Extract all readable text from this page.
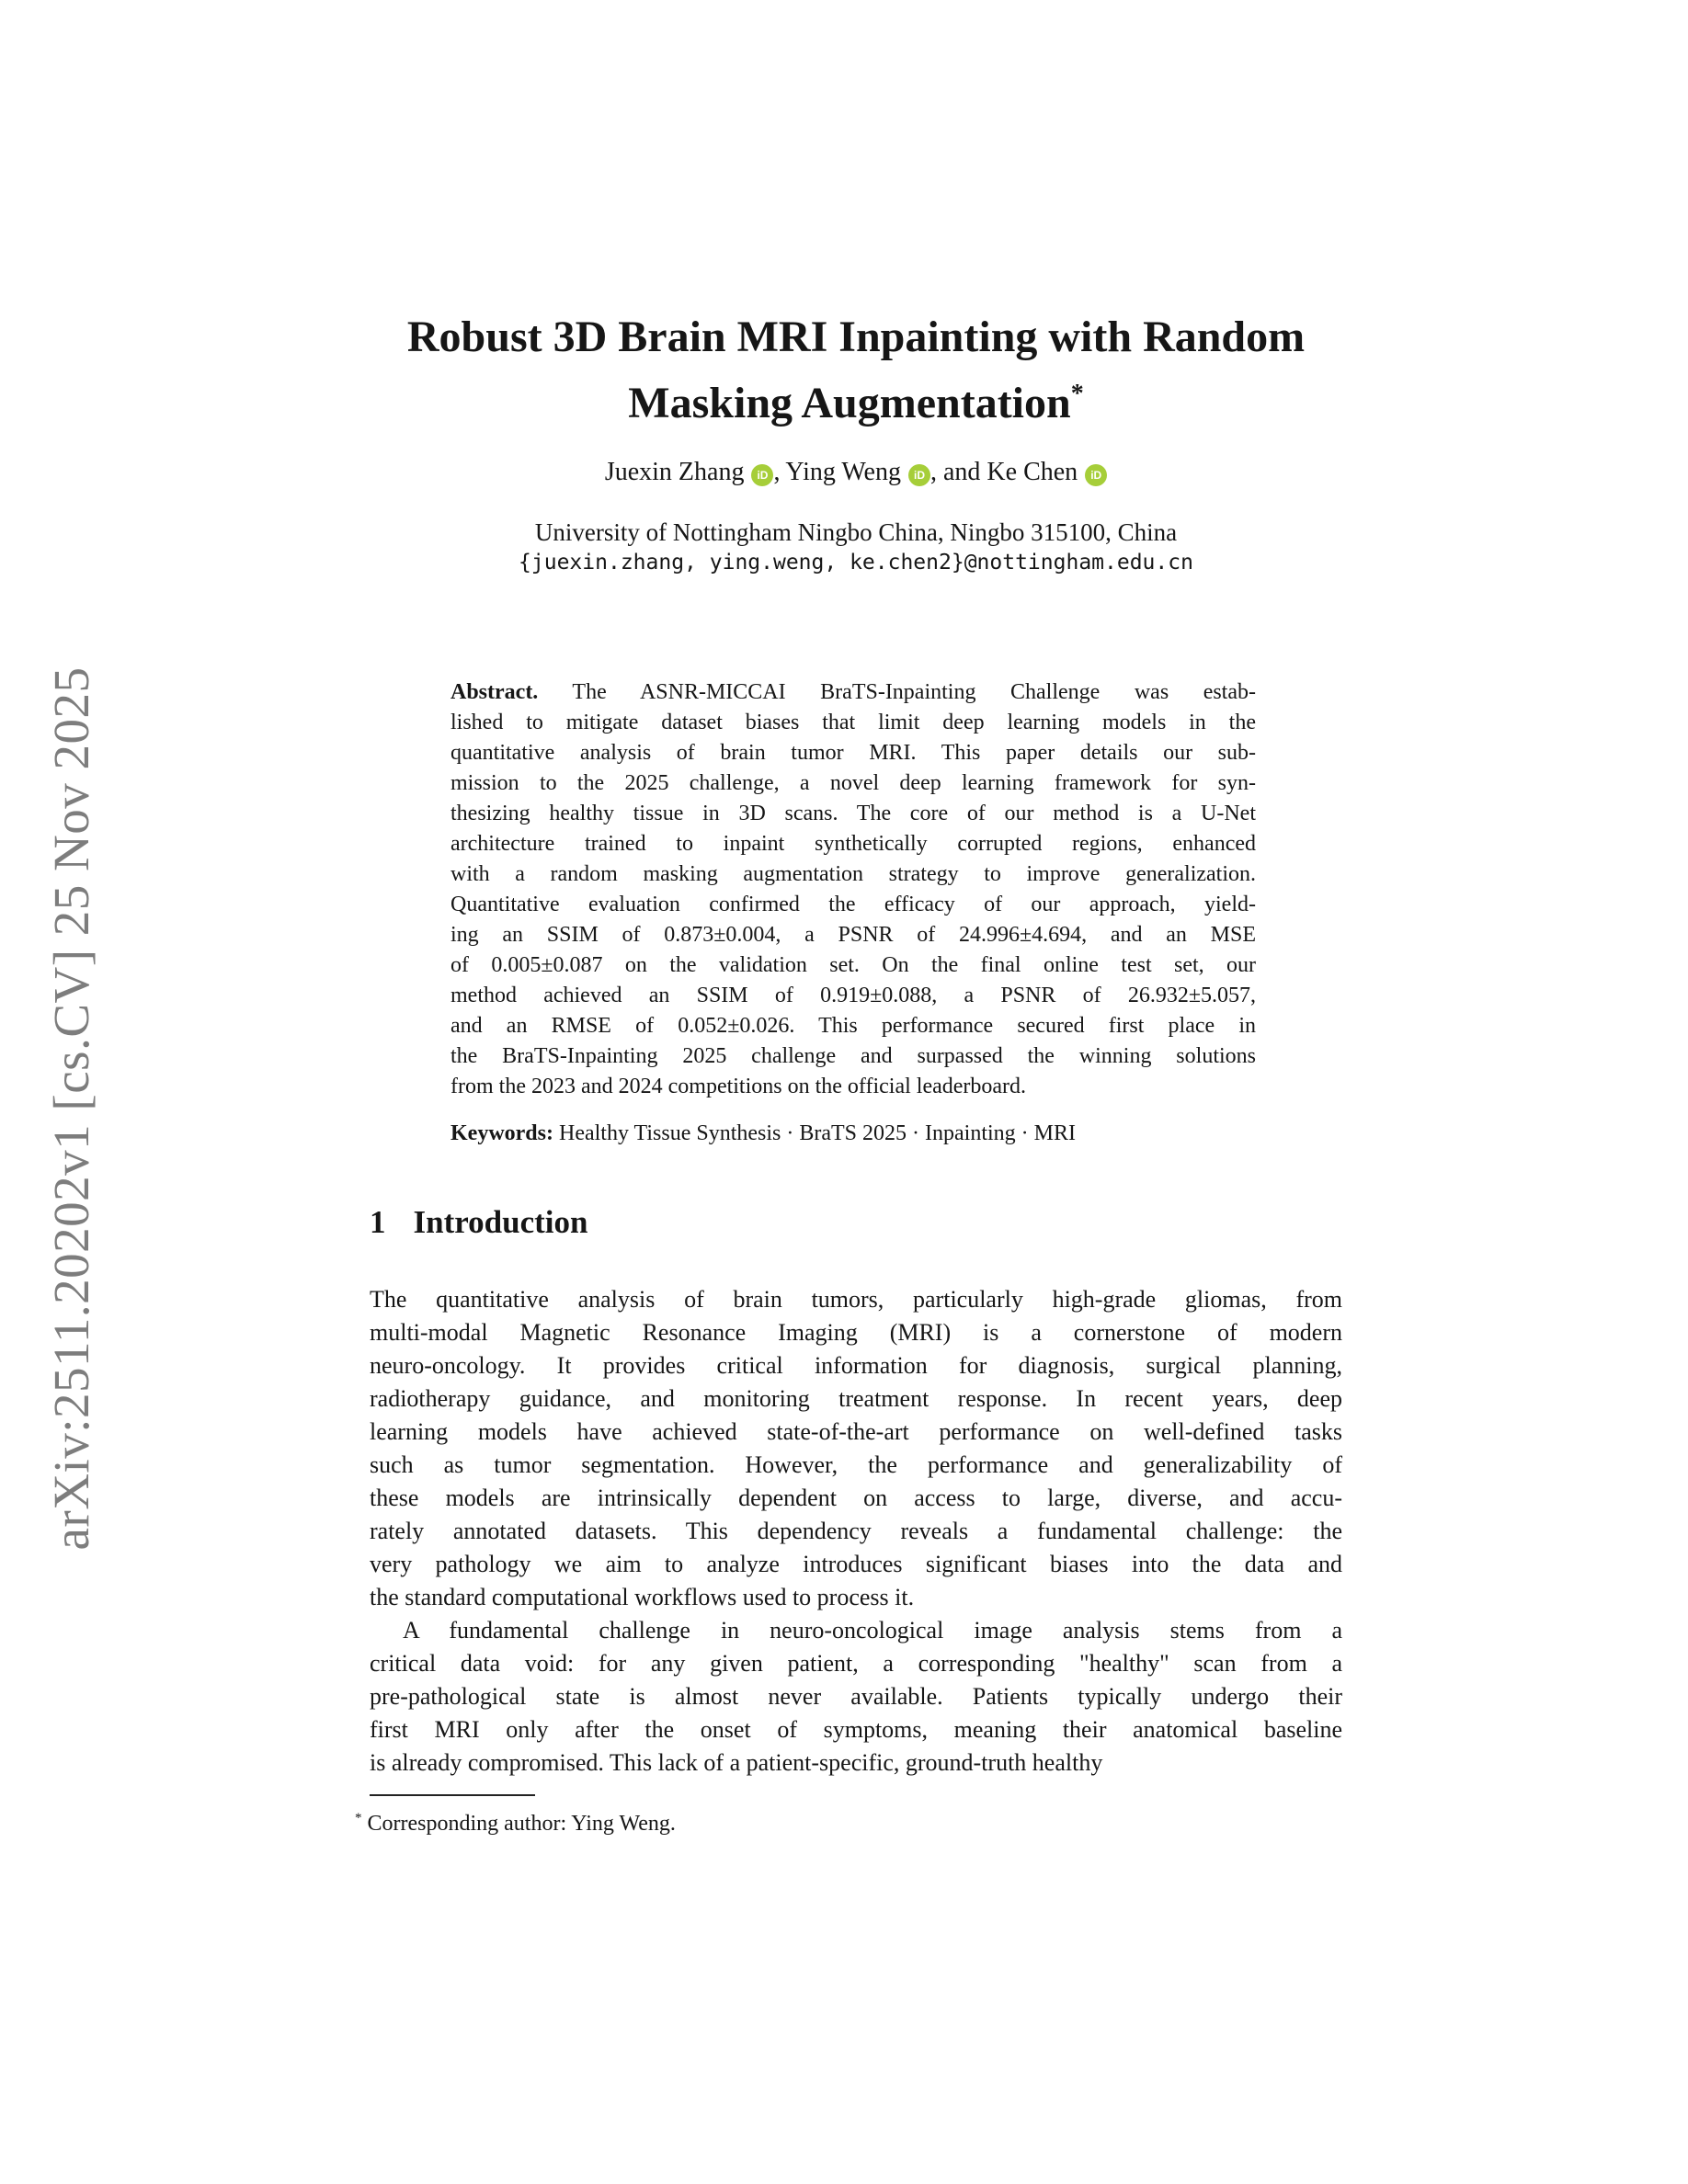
arXiv:2511.20202v1 [cs.CV] 25 Nov 2025
Robust 3D Brain MRI Inpainting with Random
Masking Augmentation*
Juexin Zhang iD , Ying Weng iD , and Ke Chen iD
University of Nottingham Ningbo China, Ningbo 315100, China
{juexin.zhang, ying.weng, ke.chen2}@nottingham.edu.cn
Abstract. The ASNR-MICCAI BraTS-Inpainting Challenge was estab-
lished to mitigate dataset biases that limit deep learning models in the
quantitative analysis of brain tumor MRI. This paper details our sub-
mission to the 2025 challenge, a novel deep learning framework for syn-
thesizing healthy tissue in 3D scans. The core of our method is a U-Net
architecture trained to inpaint synthetically corrupted regions, enhanced
with a random masking augmentation strategy to improve generalization.
Quantitative evaluation confirmed the efficacy of our approach, yield-
ing an SSIM of 0.873±0.004, a PSNR of 24.996±4.694, and an MSE
of 0.005±0.087 on the validation set. On the final online test set, our
method achieved an SSIM of 0.919±0.088, a PSNR of 26.932±5.057,
and an RMSE of 0.052±0.026. This performance secured first place in
the BraTS-Inpainting 2025 challenge and surpassed the winning solutions
from the 2023 and 2024 competitions on the official leaderboard.
Keywords: Healthy Tissue Synthesis · BraTS 2025 · Inpainting · MRI
1 Introduction
The quantitative analysis of brain tumors, particularly high-grade gliomas, from
multi-modal Magnetic Resonance Imaging (MRI) is a cornerstone of modern
neuro-oncology. It provides critical information for diagnosis, surgical planning,
radiotherapy guidance, and monitoring treatment response. In recent years, deep
learning models have achieved state-of-the-art performance on well-defined tasks
such as tumor segmentation. However, the performance and generalizability of
these models are intrinsically dependent on access to large, diverse, and accu-
rately annotated datasets. This dependency reveals a fundamental challenge: the
very pathology we aim to analyze introduces significant biases into the data and
the standard computational workflows used to process it.
A fundamental challenge in neuro-oncological image analysis stems from a
critical data void: for any given patient, a corresponding "healthy" scan from a
pre-pathological state is almost never available. Patients typically undergo their
first MRI only after the onset of symptoms, meaning their anatomical baseline
is already compromised. This lack of a patient-specific, ground-truth healthy
* Corresponding author: Ying Weng.
